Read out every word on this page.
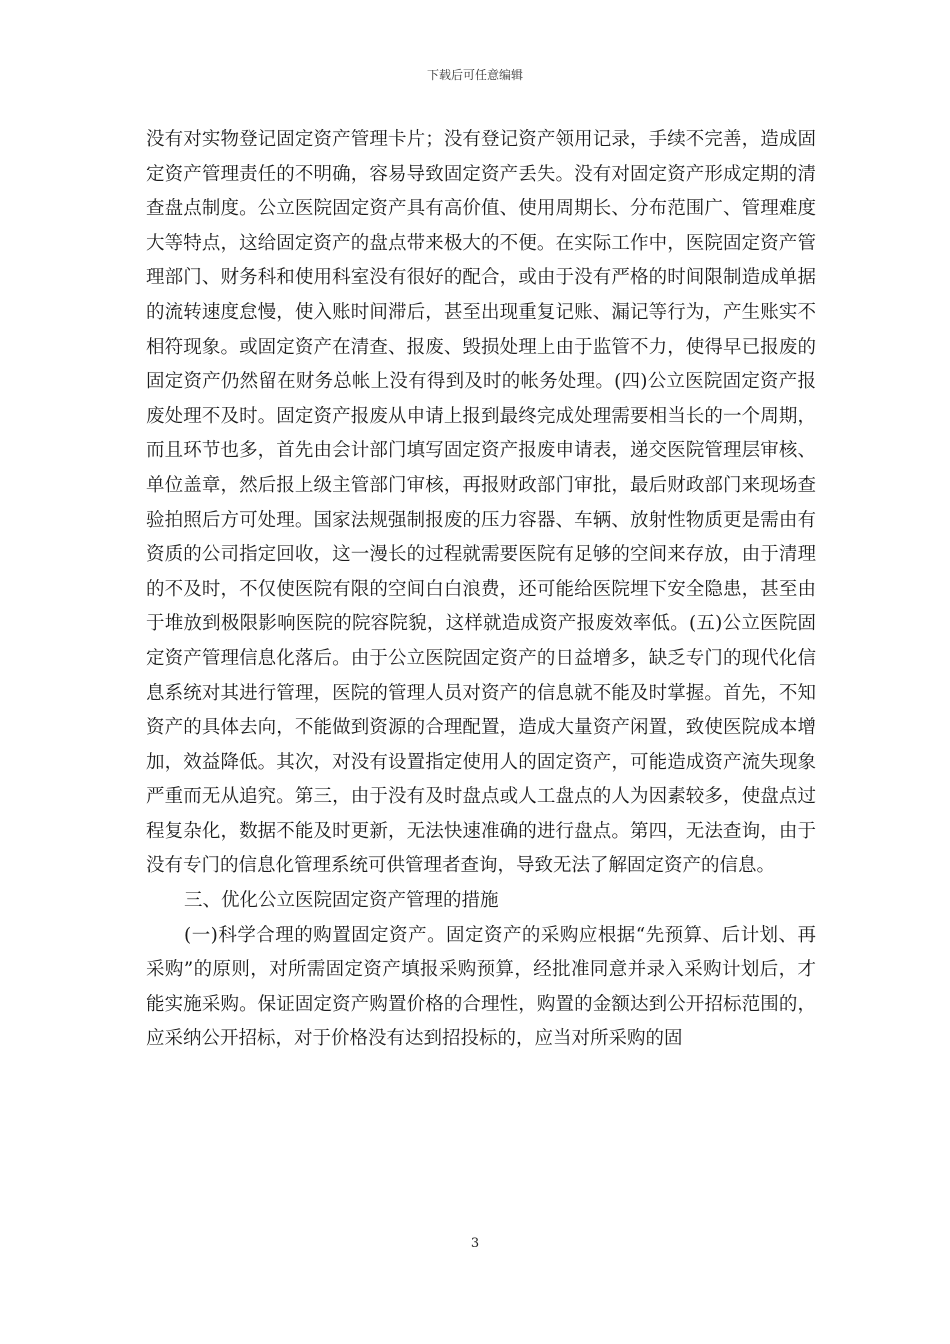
下载后可任意编辑

没有对实物登记固定资产管理卡片；没有登记资产领用记录，手续不完善，造成固定资产管理责任的不明确，容易导致固定资产丢失。没有对固定资产形成定期的清查盘点制度。公立医院固定资产具有高价值、使用周期长、分布范围广、管理难度大等特点，这给固定资产的盘点带来极大的不便。在实际工作中，医院固定资产管理部门、财务科和使用科室没有很好的配合，或由于没有严格的时间限制造成单据的流转速度怠慢，使入账时间滞后，甚至出现重复记账、漏记等行为，产生账实不相符现象。或固定资产在清查、报废、毁损处理上由于监管不力，使得早已报废的固定资产仍然留在财务总帐上没有得到及时的帐务处理。(四)公立医院固定资产报废处理不及时。固定资产报废从申请上报到最终完成处理需要相当长的一个周期，而且环节也多，首先由会计部门填写固定资产报废申请表，递交医院管理层审核、单位盖章，然后报上级主管部门审核，再报财政部门审批，最后财政部门来现场查验拍照后方可处理。国家法规强制报废的压力容器、车辆、放射性物质更是需由有资质的公司指定回收，这一漫长的过程就需要医院有足够的空间来存放，由于清理的不及时，不仅使医院有限的空间白白浪费，还可能给医院埋下安全隐患，甚至由于堆放到极限影响医院的院容院貌，这样就造成资产报废效率低。(五)公立医院固定资产管理信息化落后。由于公立医院固定资产的日益增多，缺乏专门的现代化信息系统对其进行管理，医院的管理人员对资产的信息就不能及时掌握。首先，不知资产的具体去向，不能做到资源的合理配置，造成大量资产闲置，致使医院成本增加，效益降低。其次，对没有设置指定使用人的固定资产，可能造成资产流失现象严重而无从追究。第三，由于没有及时盘点或人工盘点的人为因素较多，使盘点过程复杂化，数据不能及时更新，无法快速准确的进行盘点。第四，无法查询，由于没有专门的信息化管理系统可供管理者查询，导致无法了解固定资产的信息。

三、优化公立医院固定资产管理的措施

(一)科学合理的购置固定资产。固定资产的采购应根据“先预算、后计划、再采购”的原则，对所需固定资产填报采购预算，经批准同意并录入采购计划后，才能实施采购。保证固定资产购置价格的合理性，购置的金额达到公开招标范围的，应采纳公开招标，对于价格没有达到招投标的，应当对所采购的固

3
